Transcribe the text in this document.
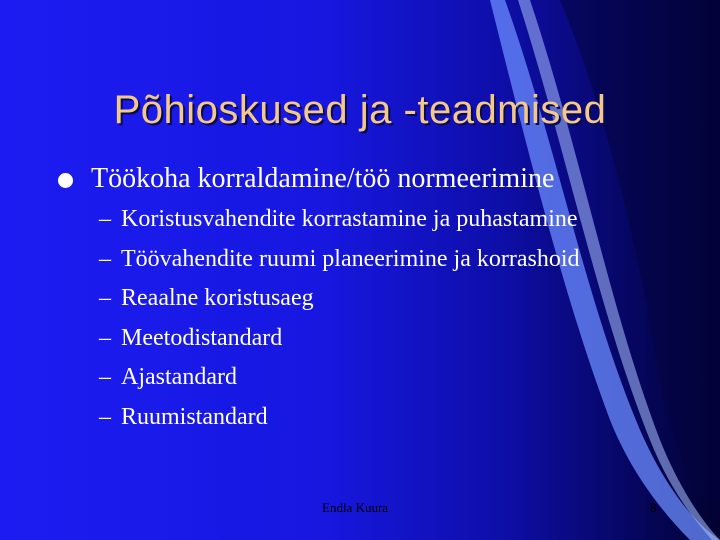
Põhioskused ja -teadmised
Töökoha korraldamine/töö normeerimine
– Koristusvahendite korrastamine ja puhastamine
– Töövahendite ruumi planeerimine ja korrashoid
– Reaalne koristusaeg
– Meetodistandard
– Ajastandard
– Ruumistandard
Endla Kuura	8
